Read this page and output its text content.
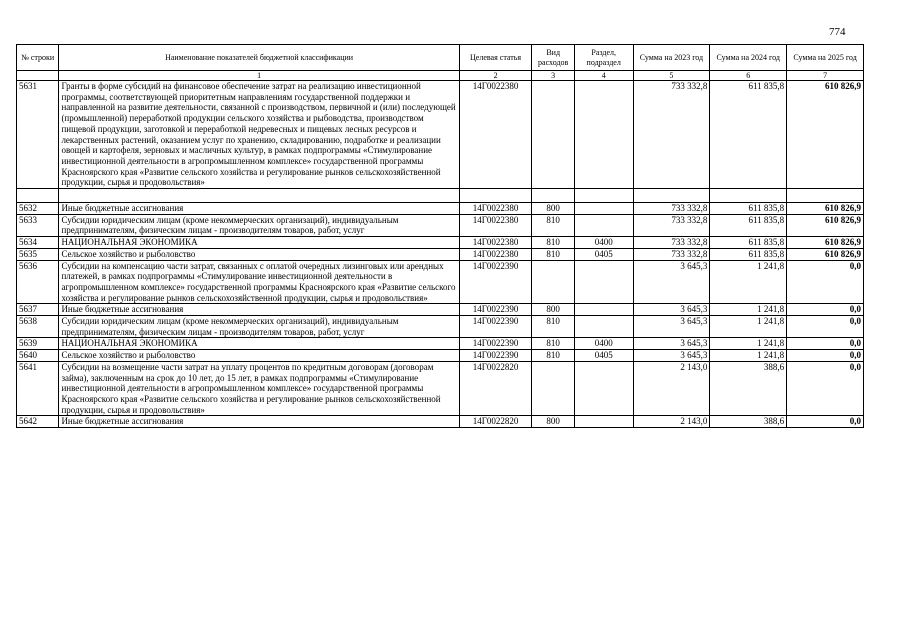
774
№ строки	Наименование показателей бюджетной классификации	Целевая статья	Вид расходов	Раздел, подраздел	Сумма на 2023 год	Сумма на 2024 год	Сумма на 2025 год
	1	2	3	4	5	6	7
5631	Гранты в форме субсидий на финансовое обеспечение затрат на реализацию инвестиционной программы, соответствующей приоритетным направлениям государственной поддержки и направленной на развитие деятельности, связанной с производством, первичной и (или) последующей (промышленной) переработкой продукции сельского хозяйства и рыбоводства, производством пищевой продукции, заготовкой и переработкой недревесных и пищевых лесных ресурсов и лекарственных растений, оказанием услуг по хранению, складированию, подработке и реализации овощей и картофеля, зерновых и масличных культур, в рамках подпрограммы «Стимулирование инвестиционной деятельности в агропромышленном комплексе» государственной программы Красноярского края «Развитие сельского хозяйства и регулирование рынков сельскохозяйственной продукции, сырья и продовольствия»	14Г0022380			733 332,8	611 835,8	610 826,9

5632	Иные бюджетные ассигнования	14Г0022380	800		733 332,8	611 835,8	610 826,9
5633	Субсидии юридическим лицам (кроме некоммерческих организаций), индивидуальным предпринимателям, физическим лицам - производителям товаров, работ, услуг	14Г0022380	810		733 332,8	611 835,8	610 826,9
5634	НАЦИОНАЛЬНАЯ ЭКОНОМИКА	14Г0022380	810	0400	733 332,8	611 835,8	610 826,9
5635	Сельское хозяйство и рыболовство	14Г0022380	810	0405	733 332,8	611 835,8	610 826,9
5636	Субсидии на компенсацию части затрат, связанных с оплатой очередных лизинговых или арендных платежей, в рамках подпрограммы «Стимулирование инвестиционной деятельности в агропромышленном комплексе» государственной программы Красноярского края «Развитие сельского хозяйства и регулирование рынков сельскохозяйственной продукции, сырья и продовольствия»	14Г0022390			3 645,3	1 241,8	0,0
5637	Иные бюджетные ассигнования	14Г0022390	800		3 645,3	1 241,8	0,0
5638	Субсидии юридическим лицам (кроме некоммерческих организаций), индивидуальным предпринимателям, физическим лицам - производителям товаров, работ, услуг	14Г0022390	810		3 645,3	1 241,8	0,0
5639	НАЦИОНАЛЬНАЯ ЭКОНОМИКА	14Г0022390	810	0400	3 645,3	1 241,8	0,0
5640	Сельское хозяйство и рыболовство	14Г0022390	810	0405	3 645,3	1 241,8	0,0
5641	Субсидии на возмещение части затрат на уплату процентов по кредитным договорам (договорам займа), заключенным на срок до 10 лет, до 15 лет, в рамках подпрограммы «Стимулирование инвестиционной деятельности в агропромышленном комплексе» государственной программы Красноярского края «Развитие сельского хозяйства и регулирование рынков сельскохозяйственной продукции, сырья и продовольствия»	14Г0022820			2 143,0	388,6	0,0
5642	Иные бюджетные ассигнования	14Г0022820	800		2 143,0	388,6	0,0
